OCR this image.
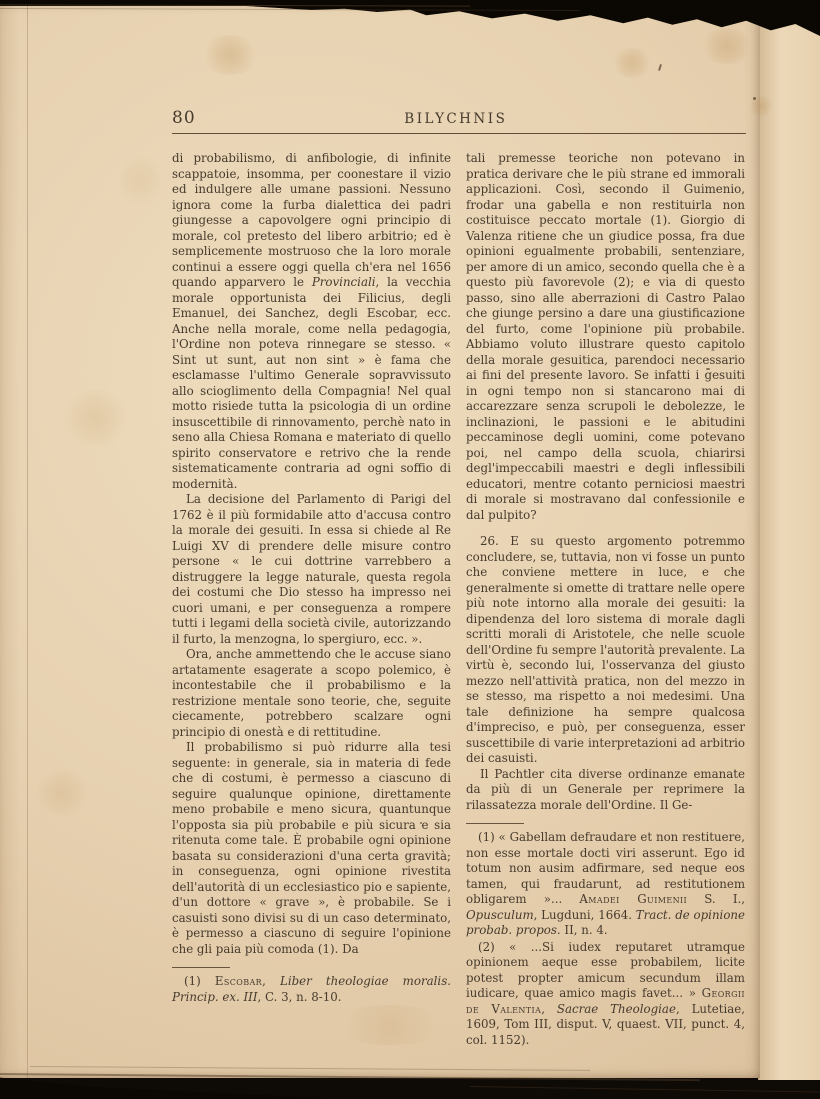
80	BILYCHNIS

di probabilismo, di anfibologie, di infinite scappatoie, insomma, per coonestare il vizio ed indulgere alle umane passioni. Nessuno ignora come la furba dialettica dei padri giungesse a capovolgere ogni principio di morale, col pretesto del libero arbitrio; ed è semplicemente mostruoso che la loro morale continui a essere oggi quella ch'era nel 1656 quando apparvero le Provinciali, la vecchia morale opportunista dei Filicius, degli Emanuel, dei Sanchez, degli Escobar, ecc. Anche nella morale, come nella pedagogia, l'Ordine non poteva rinnegare se stesso. « Sint ut sunt, aut non sint » è fama che esclamasse l'ultimo Generale sopravvissuto allo scioglimento della Compagnia! Nel qual motto risiede tutta la psicologia di un ordine insuscettibile di rinnovamento, perchè nato in seno alla Chiesa Romana e materiato di quello spirito conservatore e retrivo che la rende sistematicamente contraria ad ogni soffio di modernità.

La decisione del Parlamento di Parigi del 1762 è il più formidabile atto d'accusa contro la morale dei gesuiti. In essa si chiede al Re Luigi XV di prendere delle misure contro persone « le cui dottrine varrebbero a distruggere la legge naturale, questa regola dei costumi che Dio stesso ha impresso nei cuori umani, e per conseguenza a rompere tutti i legami della società civile, autorizzando il furto, la menzogna, lo spergiuro, ecc. ».

Ora, anche ammettendo che le accuse siano artatamente esagerate a scopo polemico, è incontestabile che il probabilismo e la restrizione mentale sono teorie, che, seguite ciecamente, potrebbero scalzare ogni principio di onestà e di rettitudine.

Il probabilismo si può ridurre alla tesi seguente: in generale, sia in materia di fede che di costumi, è permesso a ciascuno di seguire qualunque opinione, direttamente meno probabile e meno sicura, quantunque l'opposta sia più probabile e più sicura e sia ritenuta come tale. È probabile ogni opinione basata su considerazioni d'una certa gravità; in conseguenza, ogni opinione rivestita dell'autorità di un ecclesiastico pio e sapiente, d'un dottore « grave », è probabile. Se i casuisti sono divisi su di un caso determinato, è permesso a ciascuno di seguire l'opinione che gli paia più comoda (1). Da

(1) Escobar, Liber theologiae moralis. Princip. ex. III, C. 3, n. 8-10.

tali premesse teoriche non potevano in pratica derivare che le più strane ed immorali applicazioni. Così, secondo il Guimenio, frodar una gabella e non restituirla non costituisce peccato mortale (1). Giorgio di Valenza ritiene che un giudice possa, fra due opinioni egualmente probabili, sentenziare, per amore di un amico, secondo quella che è a questo più favorevole (2); e via di questo passo, sino alle aberrazioni di Castro Palao che giunge persino a dare una giustificazione del furto, come l'opinione più probabile. Abbiamo voluto illustrare questo capitolo della morale gesuitica, parendoci necessario ai fini del presente lavoro. Se infatti i gesuiti in ogni tempo non si stancarono mai di accarezzare senza scrupoli le debolezze, le inclinazioni, le passioni e le abitudini peccaminose degli uomini, come potevano poi, nel campo della scuola, chiarirsi degl'impeccabili maestri e degli inflessibili educatori, mentre cotanto perniciosi maestri di morale si mostravano dal confessionile e dal pulpito?

26. E su questo argomento potremmo concludere, se, tuttavia, non vi fosse un punto che conviene mettere in luce, e che generalmente si omette di trattare nelle opere più note intorno alla morale dei gesuiti: la dipendenza del loro sistema di morale dagli scritti morali di Aristotele, che nelle scuole dell'Ordine fu sempre l'autorità prevalente. La virtù è, secondo lui, l'osservanza del giusto mezzo nell'attività pratica, non del mezzo in se stesso, ma rispetto a noi medesimi. Una tale definizione ha sempre qualcosa d'impreciso, e può, per conseguenza, esser suscettibile di varie interpretazioni ad arbitrio dei casuisti.

Il Pachtler cita diverse ordinanze emanate da più di un Generale per reprimere la rilassatezza morale dell'Ordine. Il Ge-

(1) « Gabellam defraudare et non restituere, non esse mortale docti viri asserunt. Ego id totum non ausim adfirmare, sed neque eos tamen, qui fraudarunt, ad restitutionem obligarem »... Amadei Guimenii S. I., Opusculum, Lugduni, 1664. Tract. de opinione probab. propos. II, n. 4.

(2) « ...Si iudex reputaret utramque opinionem aeque esse probabilem, licite potest propter amicum secundum illam iudicare, quae amico magis favet... » Georgii de Valentia, Sacrae Theologiae, Lutetiae, 1609, Tom III, disput. V, quaest. VII, punct. 4, col. 1152).
